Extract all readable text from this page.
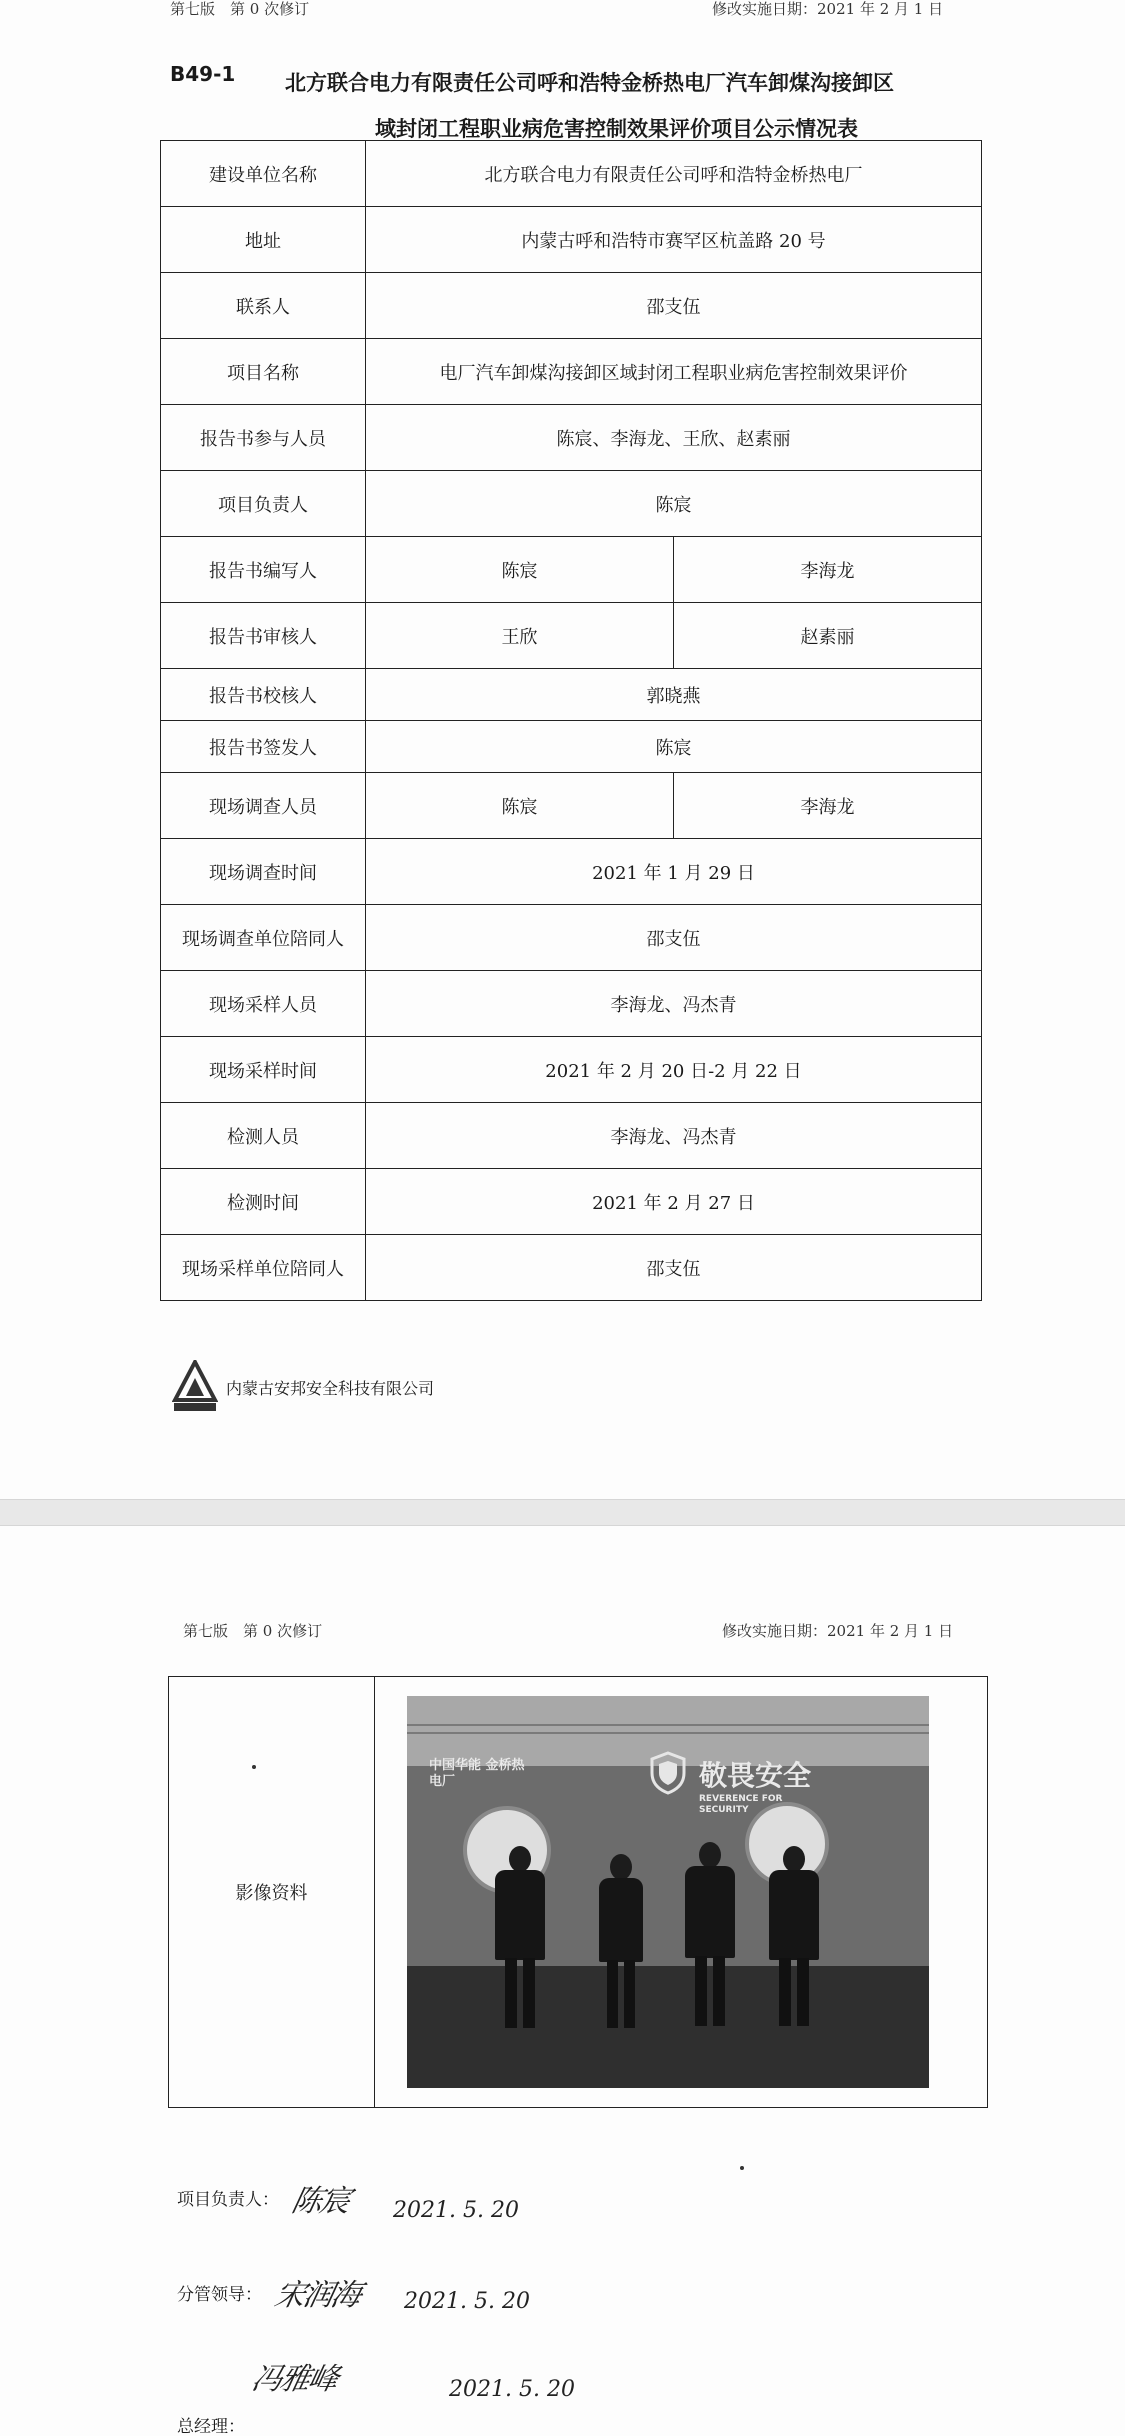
第七版　第 0 次修订	修改实施日期：2021 年 2 月 1 日
B49-1 北方联合电力有限责任公司呼和浩特金桥热电厂汽车卸煤沟接卸区
域封闭工程职业病危害控制效果评价项目公示情况表
建设单位名称	北方联合电力有限责任公司呼和浩特金桥热电厂	
地址	内蒙古呼和浩特市赛罕区杭盖路 20 号	
联系人	邵支伍	
项目名称	电厂汽车卸煤沟接卸区域封闭工程职业病危害控制效果评价	
报告书参与人员	陈宸、李海龙、王欣、赵素丽	
项目负责人	陈宸	
报告书编写人	陈宸	李海龙
报告书审核人	王欣	赵素丽
报告书校核人	郭晓燕	
报告书签发人	陈宸	
现场调查人员	陈宸	李海龙
现场调查时间	2021 年 1 月 29 日	
现场调查单位陪同人	邵支伍	
现场采样人员	李海龙、冯杰青	
现场采样时间	2021 年 2 月 20 日-2 月 22 日	
检测人员	李海龙、冯杰青	
检测时间	2021 年 2 月 27 日	
现场采样单位陪同人	邵支伍	
内蒙古安邦安全科技有限公司
第七版　第 0 次修订	修改实施日期：2021 年 2 月 1 日
影像资料	
中国华能 金桥热电厂	敬畏安全
REVERENCE FOR SECURITY
项目负责人： 陈宸 2021. 5. 20
分管领导： 宋润海 2021. 5. 20
冯雅峰
总经理：
2021. 5. 20
